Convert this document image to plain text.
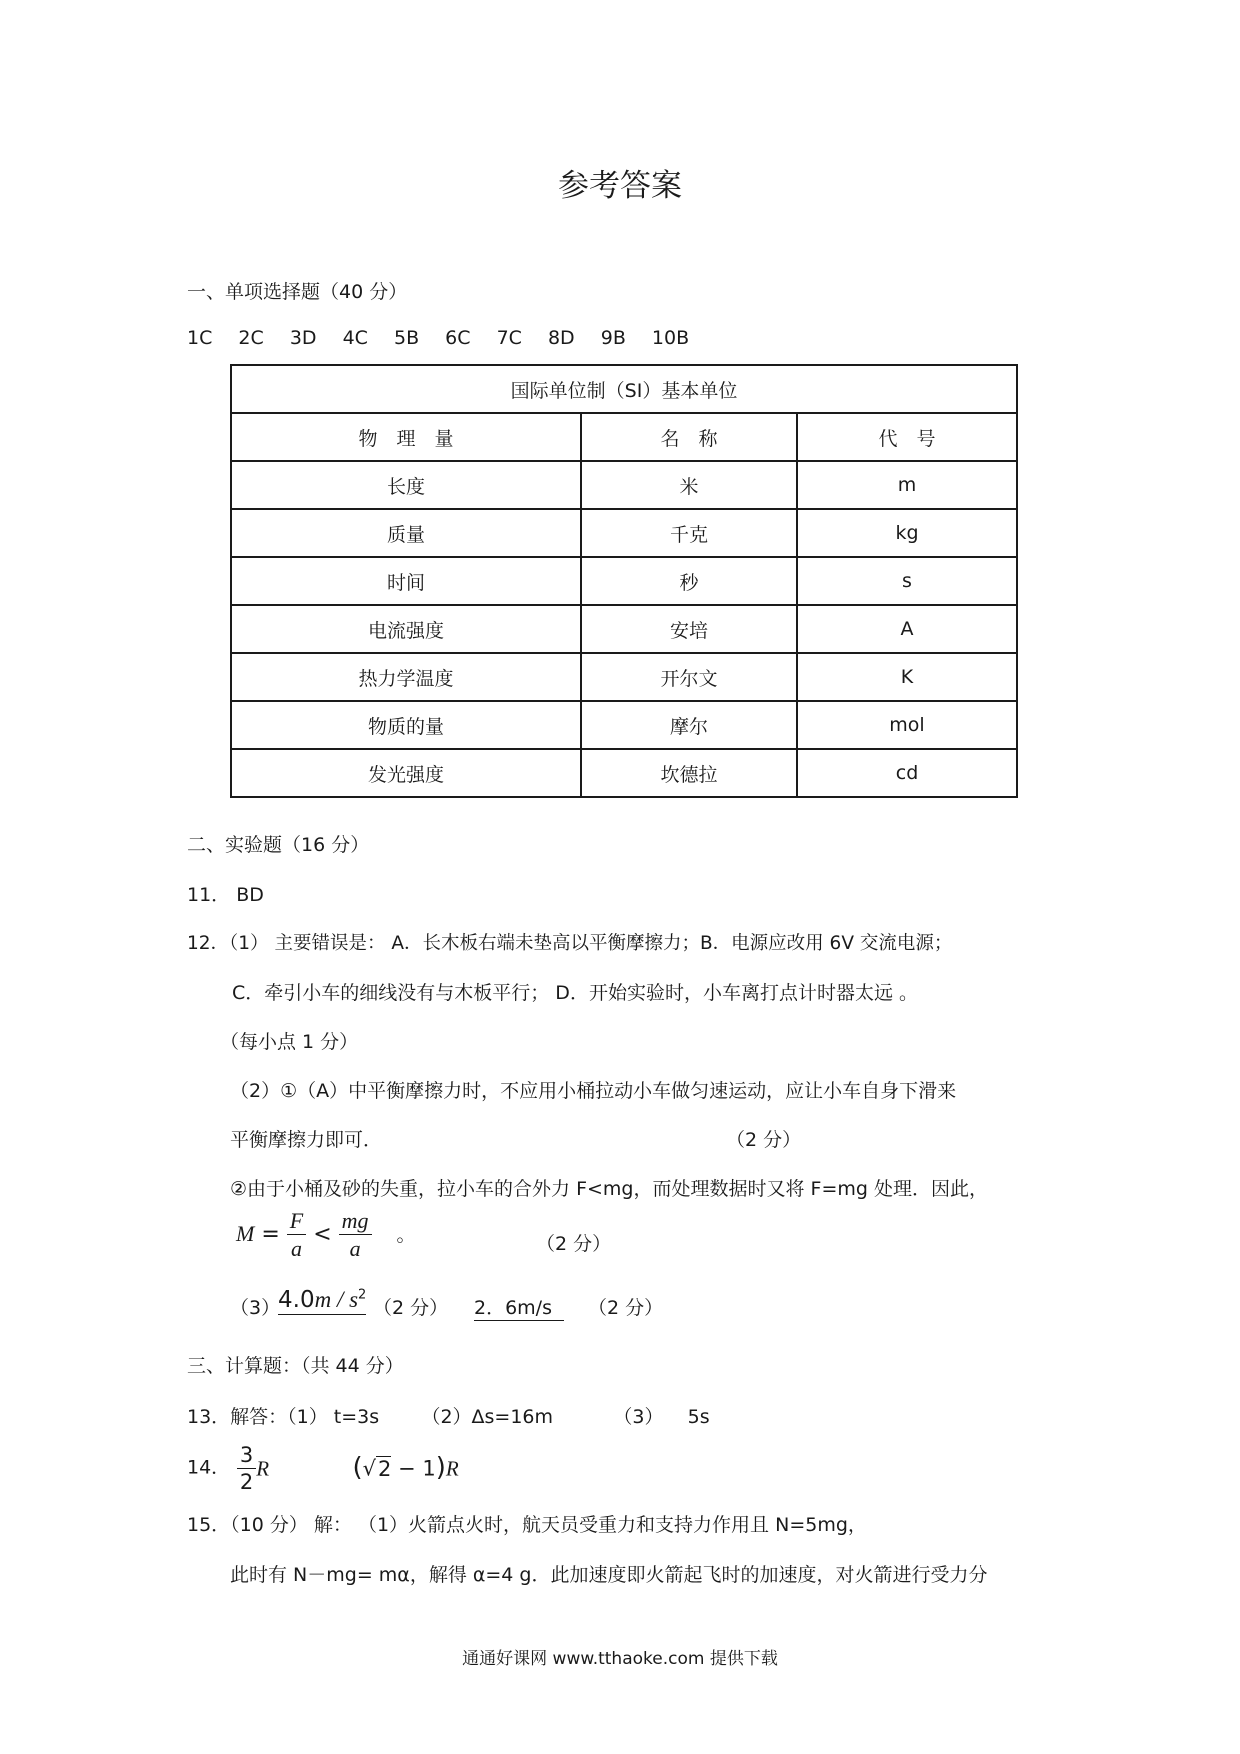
参考答案
一、单项选择题（40 分）
1C 2C 3D 4C 5B 6C 7C 8D 9B 10B
国际单位制（SI）基本单位		
物　理　量	名　称	代　号
长度	米	m
质量	千克	kg
时间	秒	s
电流强度	安培	A
热力学温度	开尔文	K
物质的量	摩尔	mol
发光强度	坎德拉	cd
二、实验题（16 分）
11． BD
12．（1） 主要错误是： A．长木板右端未垫高以平衡摩擦力；B．电源应改用 6V 交流电源；
C．牵引小车的细线没有与木板平行； D．开始实验时，小车离打点计时器太远 。
（每小点 1 分）
（2）①（A）中平衡摩擦力时，不应用小桶拉动小车做匀速运动，应让小车自身下滑来
平衡摩擦力即可．	（2 分）
②由于小桶及砂的失重，拉小车的合外力 F<mg，而处理数据时又将 F=mg 处理．因此，
$M = \frac{F}{a} < \frac{mg}{a}$ 。	（2 分）
（3）
$4.0m / s^2$
（2 分） 2．6m/s	（2 分）
三、计算题：（共 44 分）
13．解答：（1） t=3s       （2）Δs=16m          （3）    5s
14． $\frac{3}{2}$ R	(√2 − 1)R
15．（10 分） 解： （1）火箭点火时，航天员受重力和支持力作用且 N=5mg，
此时有 N－mg= mα，解得 α=4 g．此加速度即火箭起飞时的加速度，对火箭进行受力分
通通好课网 www.tthaoke.com 提供下载
